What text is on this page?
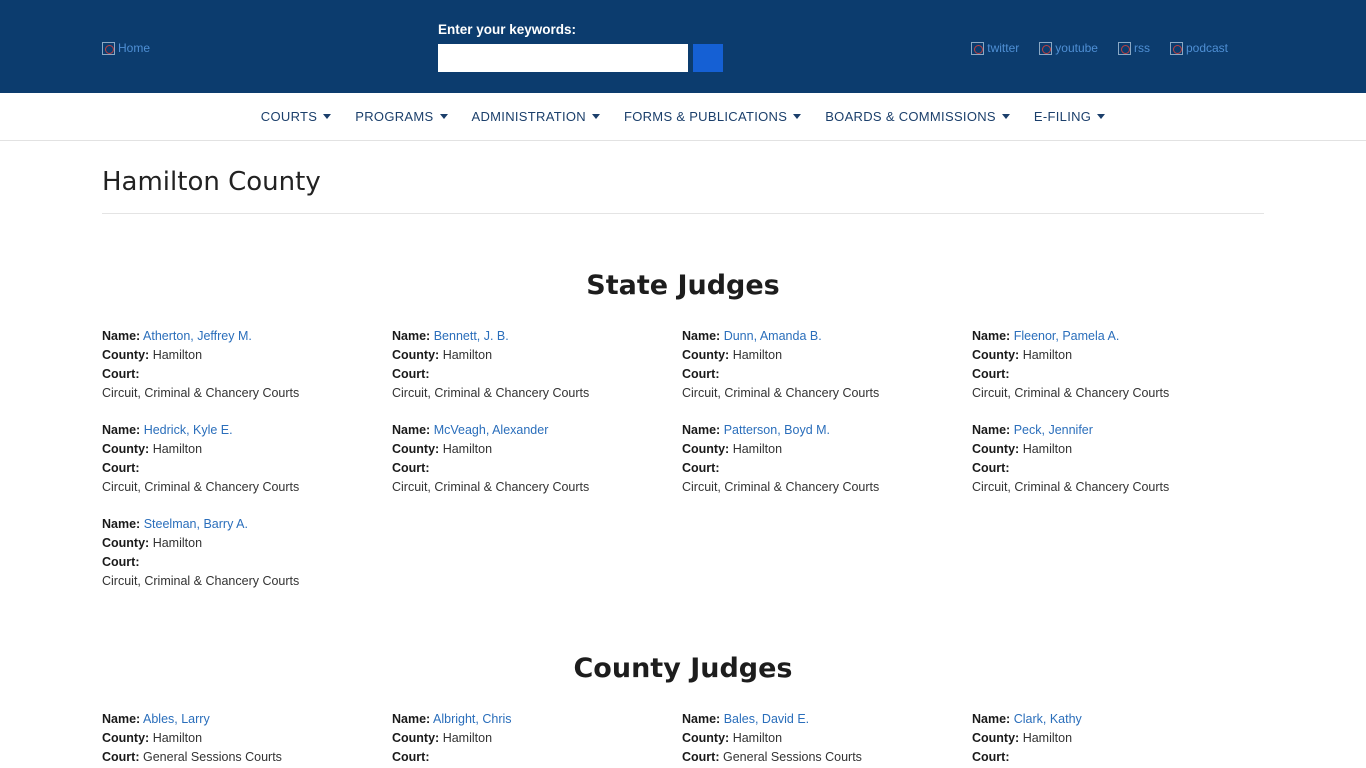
Home
Enter your keywords:
twitter	youtube	rss	podcast
COURTS	PROGRAMS	ADMINISTRATION	FORMS & PUBLICATIONS	BOARDS & COMMISSIONS	E-FILING
Hamilton County
State Judges
Name: Atherton, Jeffrey M.
County: Hamilton
Court:
Circuit, Criminal & Chancery Courts
Name: Bennett, J. B.
County: Hamilton
Court:
Circuit, Criminal & Chancery Courts
Name: Dunn, Amanda B.
County: Hamilton
Court:
Circuit, Criminal & Chancery Courts
Name: Fleenor, Pamela A.
County: Hamilton
Court:
Circuit, Criminal & Chancery Courts
Name: Hedrick, Kyle E.
County: Hamilton
Court:
Circuit, Criminal & Chancery Courts
Name: McVeagh, Alexander
County: Hamilton
Court:
Circuit, Criminal & Chancery Courts
Name: Patterson, Boyd M.
County: Hamilton
Court:
Circuit, Criminal & Chancery Courts
Name: Peck, Jennifer
County: Hamilton
Court:
Circuit, Criminal & Chancery Courts
Name: Steelman, Barry A.
County: Hamilton
Court:
Circuit, Criminal & Chancery Courts
County Judges
Name: Ables, Larry
County: Hamilton
Court: General Sessions Courts
Name: Albright, Chris
County: Hamilton
Court:
Name: Bales, David E.
County: Hamilton
Court: General Sessions Courts
Name: Clark, Kathy
County: Hamilton
Court:
